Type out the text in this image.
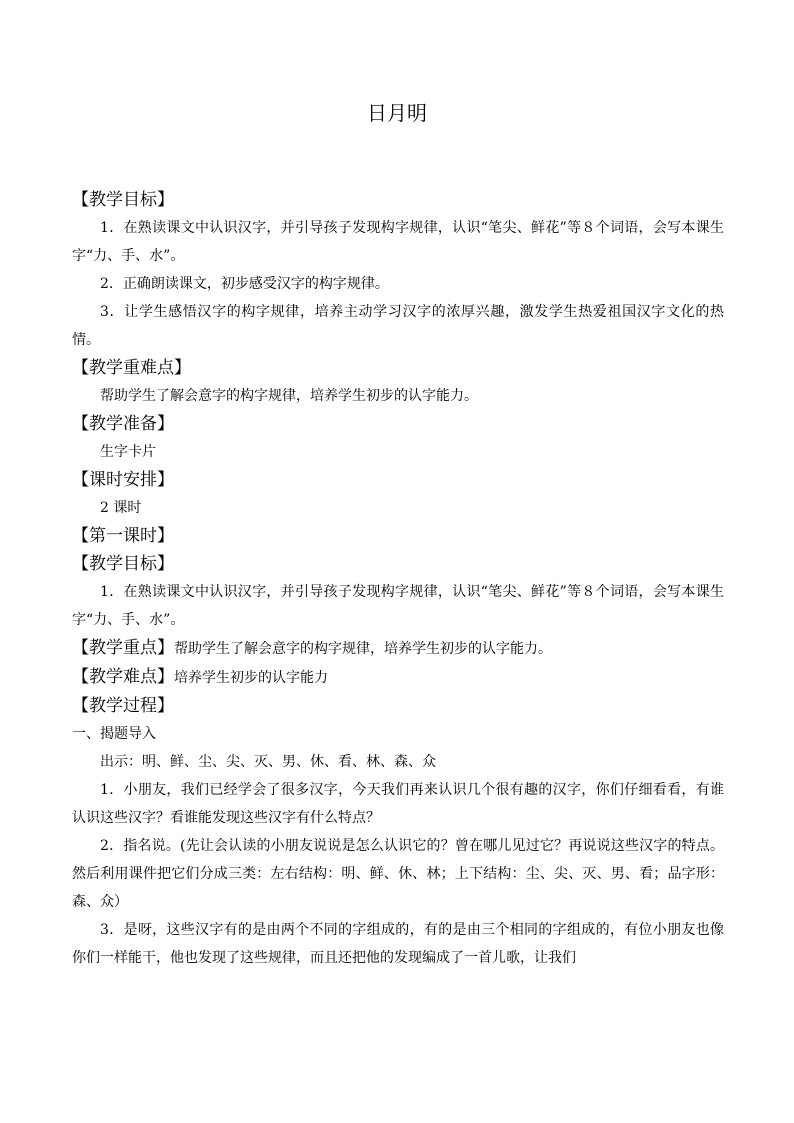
日月明
【教学目标】

1．在熟读课文中认识汉字，并引导孩子发现构字规律，认识“笔尖、鲜花”等８个词语，会写本课生字“力、手、水”。

2．正确朗读课文，初步感受汉字的构字规律。

3．让学生感悟汉字的构字规律，培养主动学习汉字的浓厚兴趣，激发学生热爱祖国汉字文化的热情。

【教学重难点】

帮助学生了解会意字的构字规律，培养学生初步的认字能力。

【教学准备】

生字卡片

【课时安排】

2 课时

【第一课时】
【教学目标】

1．在熟读课文中认识汉字，并引导孩子发现构字规律，认识“笔尖、鲜花”等８个词语，会写本课生字“力、手、水”。

【教学重点】帮助学生了解会意字的构字规律，培养学生初步的认字能力。

【教学难点】培养学生初步的认字能力

【教学过程】

一、揭题导入

出示：明、鲜、尘、尖、灭、男、休、看、林、森、众

1．小朋友，我们已经学会了很多汉字，今天我们再来认识几个很有趣的汉字，你们仔细看看，有谁认识这些汉字？看谁能发现这些汉字有什么特点？

2．指名说。(先让会认读的小朋友说说是怎么认识它的？曾在哪儿见过它？再说说这些汉字的特点。然后利用课件把它们分成三类：左右结构：明、鲜、休、林；上下结构：尘、尖、灭、男、看；品字形：森、众）

3．是呀，这些汉字有的是由两个不同的字组成的，有的是由三个相同的字组成的，有位小朋友也像你们一样能干，他也发现了这些规律，而且还把他的发现编成了一首儿歌，让我们
